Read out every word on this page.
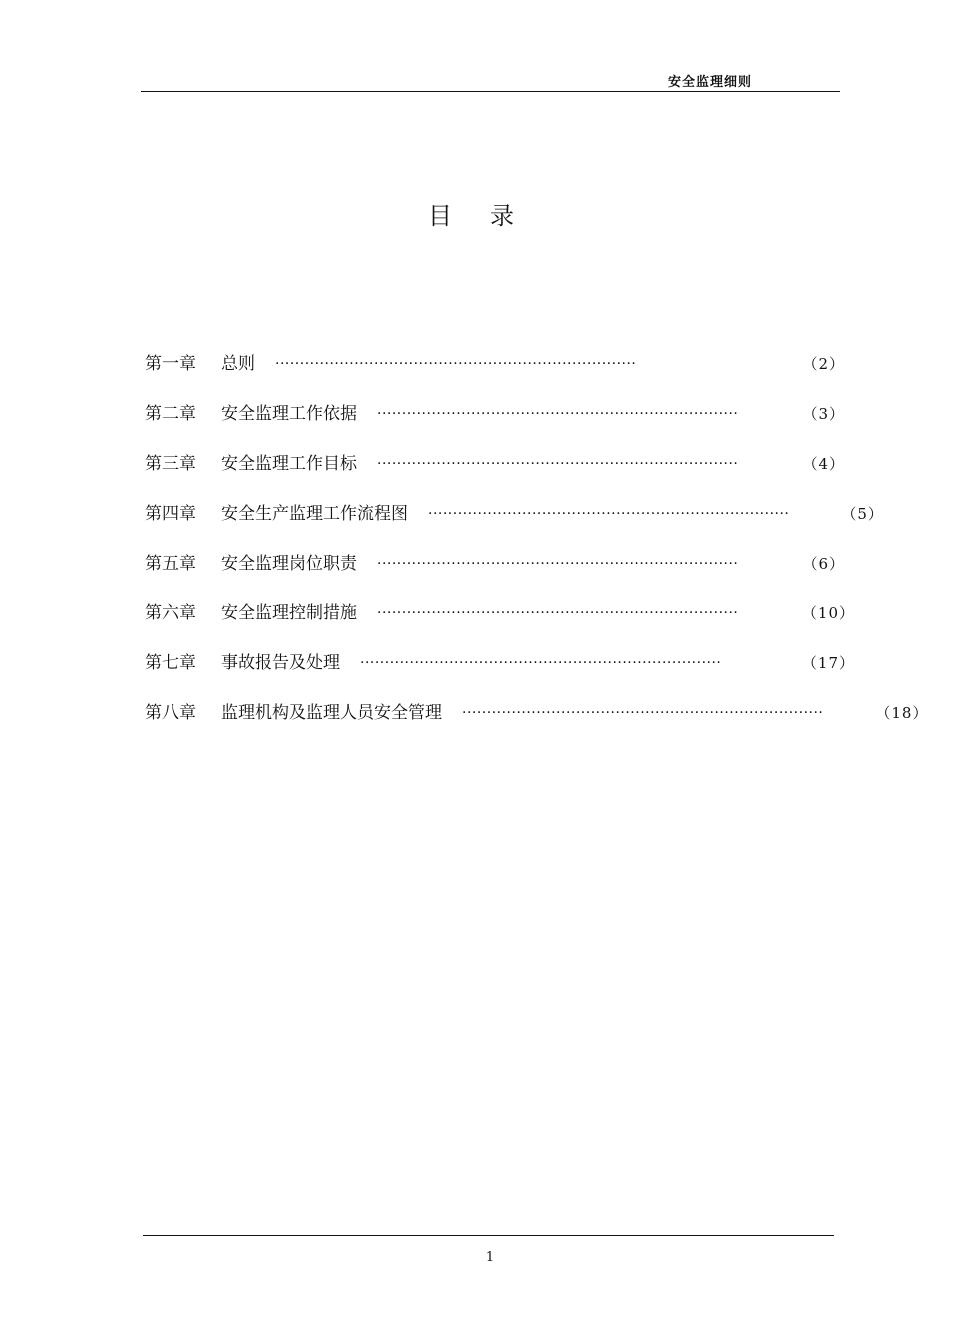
安全监理细则
目录
第一章	总则	·········································································	（2）
第二章	安全监理工作依据	·········································································	（3）
第三章	安全监理工作目标	·········································································	（4）
第四章	安全生产监理工作流程图	·········································································	（5）
第五章	安全监理岗位职责	·········································································	（6）
第六章	安全监理控制措施	·········································································	（10）
第七章	事故报告及处理	·········································································	（17）
第八章	监理机构及监理人员安全管理	·········································································	（18）
1
